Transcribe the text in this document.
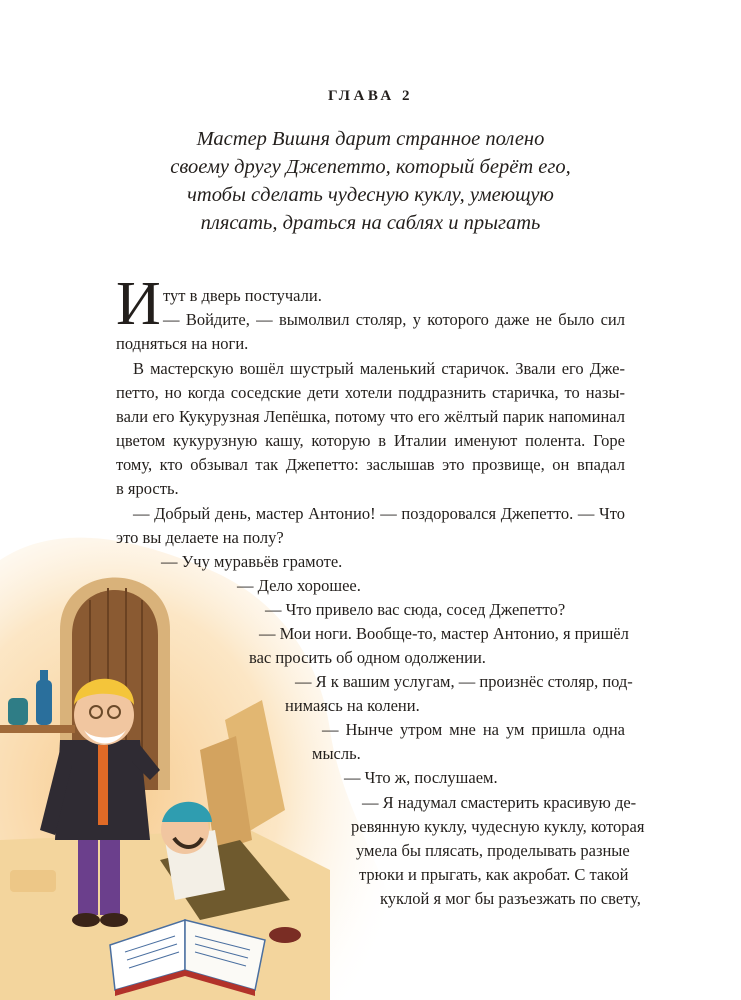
ГЛАВА 2
Мастер Вишня дарит странное полено
своему другу Джепетто, который берёт его,
чтобы сделать чудесную куклу, умеющую
плясать, драться на саблях и прыгать
И тут в дверь постучали.
— Войдите, — вымолвил столяр, у которого даже не было сил
подняться на ноги.
В мастерскую вошёл шустрый маленький старичок. Звали его Дже-
петто, но когда соседские дети хотели поддразнить старичка, то назы-
вали его Кукурузная Лепёшка, потому что его жёлтый парик напоминал
цветом кукурузную кашу, которую в Италии именуют полента. Горе
тому, кто обзывал так Джепетто: заслышав это прозвище, он впадал
в ярость.
— Добрый день, мастер Антонио! — поздоровался Джепетто. — Что
это вы делаете на полу?
— Учу муравьёв грамоте.
— Дело хорошее.
— Что привело вас сюда, сосед Джепетто?
— Мои ноги. Вообще-то, мастер Антонио, я пришёл
вас просить об одном одолжении.
— Я к вашим услугам, — произнёс столяр, под-
нимаясь на колени.
— Нынче утром мне на ум пришла одна
мысль.
— Что ж, послушаем.
— Я надумал смастерить красивую де-
ревянную куклу, чудесную куклу, которая
умела бы плясать, проделывать разные
трюки и прыгать, как акробат. С такой
куклой я мог бы разъезжать по свету,
